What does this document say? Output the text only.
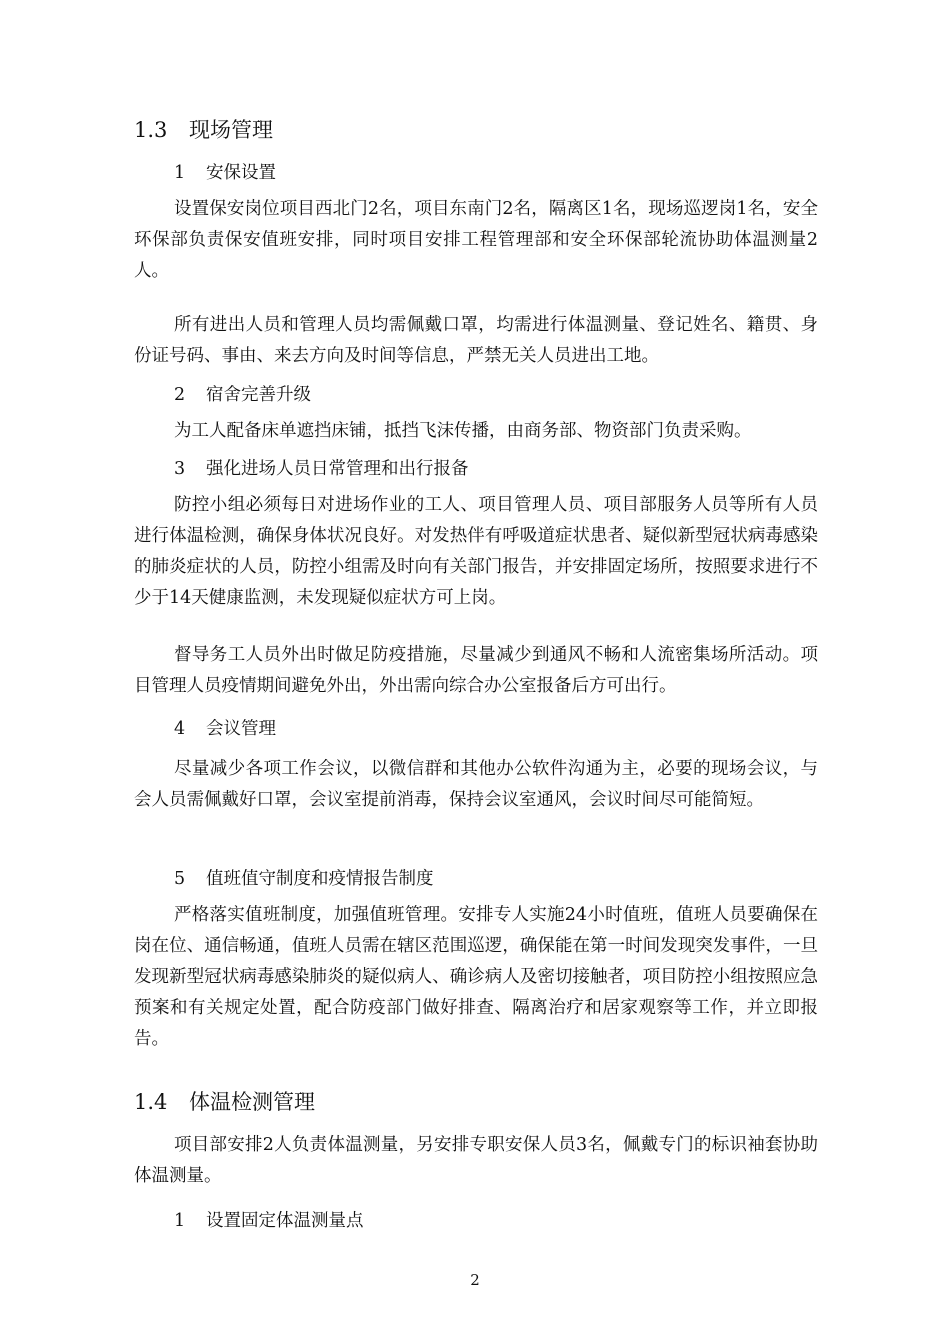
1.3 现场管理
1 安保设置

设置保安岗位项目西北门2名，项目东南门2名，隔离区1名，现场巡逻岗1名，安全环保部负责保安值班安排，同时项目安排工程管理部和安全环保部轮流协助体温测量2人。

所有进出人员和管理人员均需佩戴口罩，均需进行体温测量、登记姓名、籍贯、身份证号码、事由、来去方向及时间等信息，严禁无关人员进出工地。

2 宿舍完善升级

为工人配备床单遮挡床铺，抵挡飞沫传播，由商务部、物资部门负责采购。

3 强化进场人员日常管理和出行报备

防控小组必须每日对进场作业的工人、项目管理人员、项目部服务人员等所有人员进行体温检测，确保身体状况良好。对发热伴有呼吸道症状患者、疑似新型冠状病毒感染的肺炎症状的人员，防控小组需及时向有关部门报告，并安排固定场所，按照要求进行不少于14天健康监测，未发现疑似症状方可上岗。

督导务工人员外出时做足防疫措施，尽量减少到通风不畅和人流密集场所活动。项目管理人员疫情期间避免外出，外出需向综合办公室报备后方可出行。

4 会议管理

尽量减少各项工作会议，以微信群和其他办公软件沟通为主，必要的现场会议，与会人员需佩戴好口罩，会议室提前消毒，保持会议室通风，会议时间尽可能简短。

5 值班值守制度和疫情报告制度

严格落实值班制度，加强值班管理。安排专人实施24小时值班，值班人员要确保在岗在位、通信畅通，值班人员需在辖区范围巡逻，确保能在第一时间发现突发事件，一旦发现新型冠状病毒感染肺炎的疑似病人、确诊病人及密切接触者，项目防控小组按照应急预案和有关规定处置，配合防疫部门做好排查、隔离治疗和居家观察等工作，并立即报告。

1.4 体温检测管理

项目部安排2人负责体温测量，另安排专职安保人员3名，佩戴专门的标识袖套协助体温测量。

1 设置固定体温测量点
2
